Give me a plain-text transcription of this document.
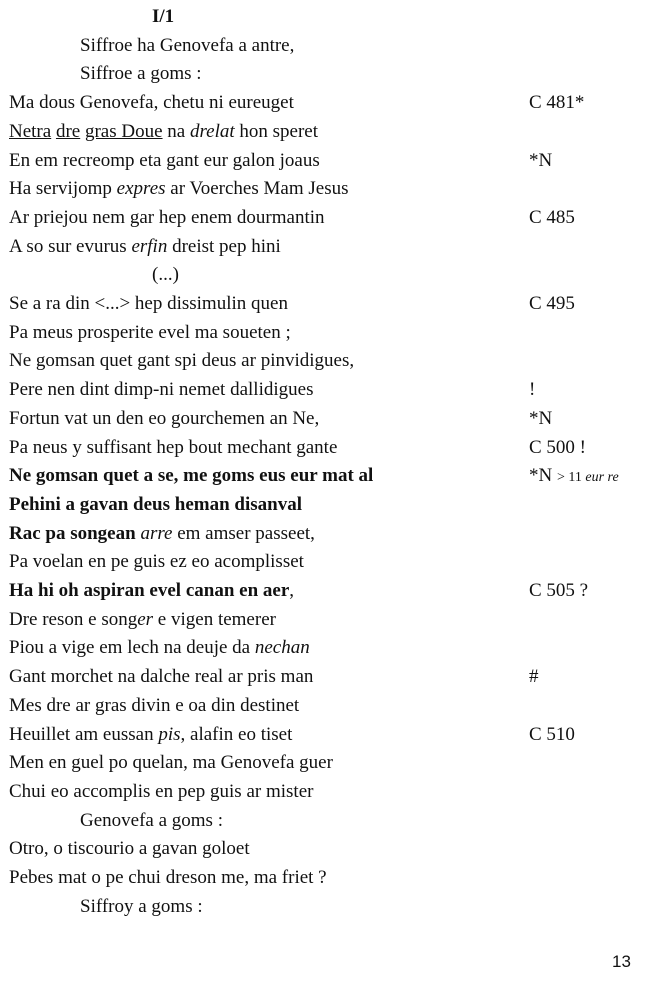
I/1
Siffroe ha Genovefa a antre,
Siffroe a goms :
Ma dous Genovefa, chetu ni eureuget	C 481*
Netra dre gras Doue na drelat hon speret
En em recreomp eta gant eur galon joaus	*N
Ha servijomp expres ar Voerches Mam Jesus
Ar priejou nem gar hep enem dourmantin	C 485
A so sur evurus erfin dreist pep hini
(...)
Se a ra din <...> hep dissimulin quen	C 495
Pa meus prosperite evel ma soueten ;
Ne gomsan quet gant spi deus ar pinvidigues,
Pere nen dint dimp-ni nemet dallidigues	!
Fortun vat un den eo gourchemen an Ne,	*N
Pa neus y suffisant hep bout mechant gante	C 500 !
Ne gomsan quet a se, me goms eus eur mat al	*N > 11 eur re
Pehini a gavan deus heman disanval
Rac pa songean arre em amser passeet,
Pa voelan en pe guis ez eo acomplisset
Ha hi oh aspiran evel canan en aer,	C 505 ?
Dre reson e songer e vigen temerer
Piou a vige em lech na deuje da nechan
Gant morchet na dalche real ar pris man	#
Mes dre ar gras divin e oa din destinet
Heuillet am eussan pis, alafin eo tiset	C 510
Men en guel po quelan, ma Genovefa guer
Chui eo accomplis en pep guis ar mister
Genovefa a goms :
Otro, o tiscourio a gavan goloet
Pebes mat o pe chui dreson me, ma friet ?
Siffroy a goms :
13
